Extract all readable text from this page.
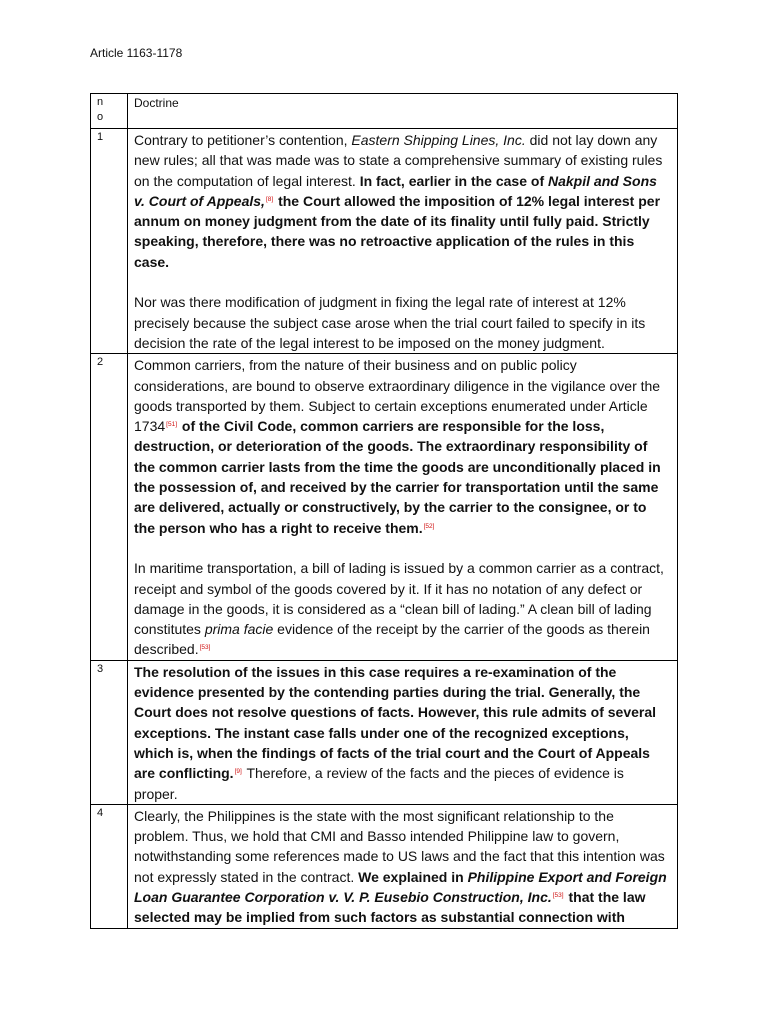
Article 1163-1178
n
o	Doctrine
1	Contrary to petitioner’s contention, Eastern Shipping Lines, Inc. did not lay down any new rules; all that was made was to state a comprehensive summary of existing rules on the computation of legal interest. In fact, earlier in the case of Nakpil and Sons v. Court of Appeals,[8] the Court allowed the imposition of 12% legal interest per annum on money judgment from the date of its finality until fully paid. Strictly speaking, therefore, there was no retroactive application of the rules in this case.

Nor was there modification of judgment in fixing the legal rate of interest at 12% precisely because the subject case arose when the trial court failed to specify in its decision the rate of the legal interest to be imposed on the money judgment.

2	Common carriers, from the nature of their business and on public policy considerations, are bound to observe extraordinary diligence in the vigilance over the goods transported by them. Subject to certain exceptions enumerated under Article 1734[51] of the Civil Code, common carriers are responsible for the loss, destruction, or deterioration of the goods. The extraordinary responsibility of the common carrier lasts from the time the goods are unconditionally placed in the possession of, and received by the carrier for transportation until the same are delivered, actually or constructively, by the carrier to the consignee, or to the person who has a right to receive them.[52]

In maritime transportation, a bill of lading is issued by a common carrier as a contract, receipt and symbol of the goods covered by it. If it has no notation of any defect or damage in the goods, it is considered as a “clean bill of lading.” A clean bill of lading constitutes prima facie evidence of the receipt by the carrier of the goods as therein described.[53]

3	The resolution of the issues in this case requires a re-examination of the evidence presented by the contending parties during the trial. Generally, the Court does not resolve questions of facts. However, this rule admits of several exceptions. The instant case falls under one of the recognized exceptions, which is, when the findings of facts of the trial court and the Court of Appeals are conflicting.[9] Therefore, a review of the facts and the pieces of evidence is proper.

4	Clearly, the Philippines is the state with the most significant relationship to the problem. Thus, we hold that CMI and Basso intended Philippine law to govern, notwithstanding some references made to US laws and the fact that this intention was not expressly stated in the contract. We explained in Philippine Export and Foreign Loan Guarantee Corporation v. V. P. Eusebio Construction, Inc.[53] that the law selected may be implied from such factors as substantial connection with
